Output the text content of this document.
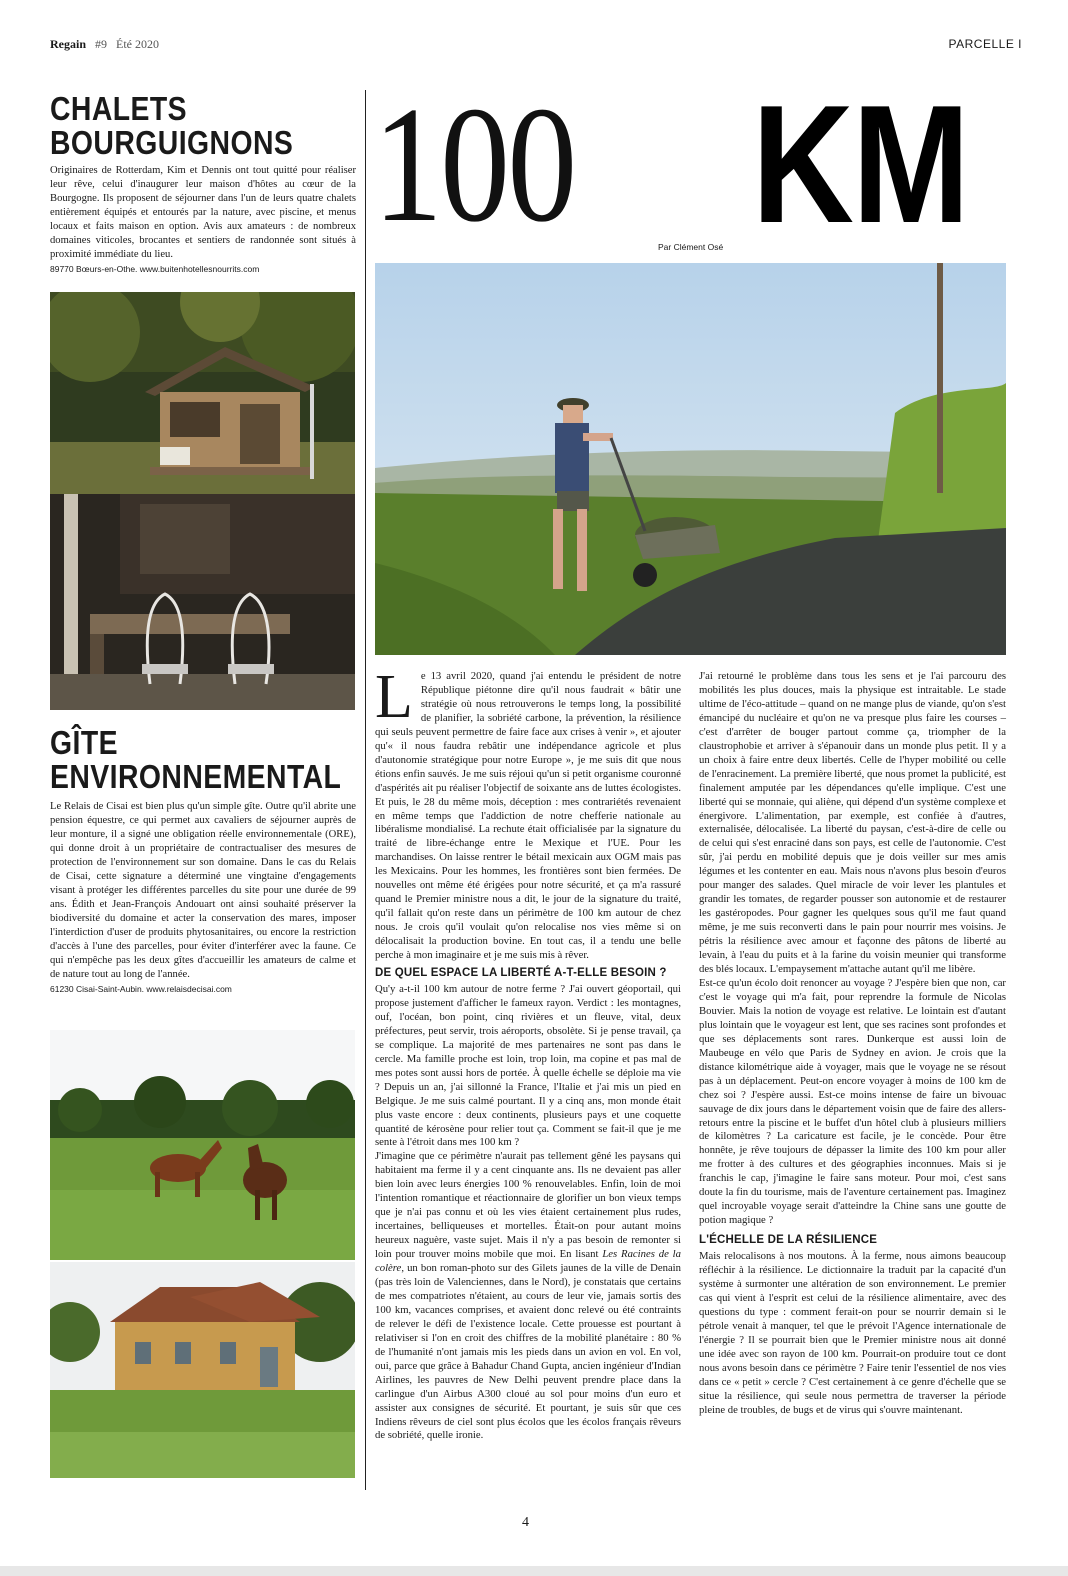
Regain #9 Été 2020	PARCELLE I
CHALETS
BOURGUIGNONS

Originaires de Rotterdam, Kim et Dennis ont tout quitté pour réaliser leur rêve, celui d'inaugurer leur maison d'hôtes au cœur de la Bourgogne. Ils proposent de séjourner dans l'un de leurs quatre chalets entièrement équipés et entourés par la nature, avec piscine, et menus locaux et faits maison en option. Avis aux amateurs : de nombreux domaines viticoles, brocantes et sentiers de randonnée sont situés à proximité immédiate du lieu.

89770 Bœurs-en-Othe. www.buitenhotellesnourrits.com
GÎTE
ENVIRONNEMENTAL

Le Relais de Cisai est bien plus qu'un simple gîte. Outre qu'il abrite une pension équestre, ce qui permet aux cavaliers de séjourner auprès de leur monture, il a signé une obligation réelle environnementale (ORE), qui donne droit à un propriétaire de contractualiser des mesures de protection de l'environnement sur son domaine. Dans le cas du Relais de Cisai, cette signature a déterminé une vingtaine d'engagements visant à protéger les différentes parcelles du site pour une durée de 99 ans. Édith et Jean-François Andouart ont ainsi souhaité préserver la biodiversité du domaine et acter la conservation des mares, imposer l'interdiction d'user de produits phytosanitaires, ou encore la restriction d'accès à l'une des parcelles, pour éviter d'interférer avec la faune. Ce qui n'empêche pas les deux gîtes d'accueillir les amateurs de calme et de nature tout au long de l'année.

61230 Cisai-Saint-Aubin. www.relaisdecisai.com
100 KM
Par Clément Osé

Le 13 avril 2020, quand j'ai entendu le président de notre République piétonne dire qu'il nous faudrait « bâtir une stratégie où nous retrouverons le temps long, la possibilité de planifier, la sobriété carbone, la prévention, la résilience qui seuls peuvent permettre de faire face aux crises à venir », et ajouter qu'« il nous faudra rebâtir une indépendance agricole et plus d'autonomie stratégique pour notre Europe », je me suis dit que nous étions enfin sauvés. Je me suis réjoui qu'un si petit organisme couronné d'aspérités ait pu réaliser l'objectif de soixante ans de luttes écologistes. Et puis, le 28 du même mois, déception : mes contrariétés revenaient en même temps que l'addiction de notre chefferie nationale au libéralisme mondialisé. La rechute était officialisée par la signature du traité de libre-échange entre le Mexique et l'UE. Pour les marchandises. On laisse rentrer le bétail mexicain aux OGM mais pas les Mexicains. Pour les hommes, les frontières sont bien fermées. De nouvelles ont même été érigées pour notre sécurité, et ça m'a rassuré quand le Premier ministre nous a dit, le jour de la signature du traité, qu'il fallait qu'on reste dans un périmètre de 100 km autour de chez nous. Je crois qu'il voulait qu'on relocalise nos vies même si on délocalisait la production bovine. En tout cas, il a tendu une belle perche à mon imaginaire et je me suis mis à rêver.

DE QUEL ESPACE LA LIBERTÉ A-T-ELLE BESOIN ?

Qu'y a-t-il 100 km autour de notre ferme ? J'ai ouvert géoportail, qui propose justement d'afficher le fameux rayon. Verdict : les montagnes, ouf, l'océan, bon point, cinq rivières et un fleuve, vital, deux préfectures, peut servir, trois aéroports, obsolète. Si je pense travail, ça se complique. La majorité de mes partenaires ne sont pas dans le cercle. Ma famille proche est loin, trop loin, ma copine et pas mal de mes potes sont aussi hors de portée. À quelle échelle se déploie ma vie ? Depuis un an, j'ai sillonné la France, l'Italie et j'ai mis un pied en Belgique. Je me suis calmé pourtant. Il y a cinq ans, mon monde était plus vaste encore : deux continents, plusieurs pays et une coquette quantité de kérosène pour relier tout ça. Comment se fait-il que je me sente à l'étroit dans mes 100 km ?

J'imagine que ce périmètre n'aurait pas tellement gêné les paysans qui habitaient ma ferme il y a cent cinquante ans. Ils ne devaient pas aller bien loin avec leurs énergies 100 % renouvelables. Enfin, loin de moi l'intention romantique et réactionnaire de glorifier un bon vieux temps que je n'ai pas connu et où les vies étaient certainement plus rudes, incertaines, belliqueuses et mortelles. Était-on pour autant moins heureux naguère, vaste sujet. Mais il n'y a pas besoin de remonter si loin pour trouver moins mobile que moi. En lisant Les Racines de la colère, un bon roman-photo sur des Gilets jaunes de la ville de Denain (pas très loin de Valenciennes, dans le Nord), je constatais que certains de mes compatriotes n'étaient, au cours de leur vie, jamais sortis des 100 km, vacances comprises, et avaient donc relevé ou été contraints de relever le défi de l'existence locale. Cette prouesse est pourtant à relativiser si l'on en croit des chiffres de la mobilité planétaire : 80 % de l'humanité n'ont jamais mis les pieds dans un avion en vol. En vol, oui, parce que grâce à Bahadur Chand Gupta, ancien ingénieur d'Indian Airlines, les pauvres de New Delhi peuvent prendre place dans la carlingue d'un Airbus A300 cloué au sol pour moins d'un euro et assister aux consignes de sécurité. Et pourtant, je suis sûr que ces Indiens rêveurs de ciel sont plus écolos que les écolos français rêveurs de sobriété, quelle ironie.

J'ai retourné le problème dans tous les sens et je l'ai parcouru des mobilités les plus douces, mais la physique est intraitable. Le stade ultime de l'éco-attitude – quand on ne mange plus de viande, qu'on s'est émancipé du nucléaire et qu'on ne va presque plus faire les courses – c'est d'arrêter de bouger partout comme ça, triompher de la claustrophobie et arriver à s'épanouir dans un monde plus petit. Il y a un choix à faire entre deux libertés. Celle de l'hyper mobilité ou celle de l'enracinement. La première liberté, que nous promet la publicité, est finalement amputée par les dépendances qu'elle implique. C'est une liberté qui se monnaie, qui aliène, qui dépend d'un système complexe et énergivore. L'alimentation, par exemple, est confiée à d'autres, externalisée, délocalisée. La liberté du paysan, c'est-à-dire de celle ou de celui qui s'est enraciné dans son pays, est celle de l'autonomie. C'est sûr, j'ai perdu en mobilité depuis que je dois veiller sur mes amis légumes et les contenter en eau. Mais nous n'avons plus besoin d'euros pour manger des salades. Quel miracle de voir lever les plantules et grandir les tomates, de regarder pousser son autonomie et de restaurer les gastéropodes. Pour gagner les quelques sous qu'il me faut quand même, je me suis reconverti dans le pain pour nourrir mes voisins. Je pétris la résilience avec amour et façonne des pâtons de liberté au levain, à l'eau du puits et à la farine du voisin meunier qui transforme des blés locaux. L'empaysement m'attache autant qu'il me libère.

Est-ce qu'un écolo doit renoncer au voyage ? J'espère bien que non, car c'est le voyage qui m'a fait, pour reprendre la formule de Nicolas Bouvier. Mais la notion de voyage est relative. Le lointain est d'autant plus lointain que le voyageur est lent, que ses racines sont profondes et que ses déplacements sont rares. Dunkerque est aussi loin de Maubeuge en vélo que Paris de Sydney en avion. Je crois que la distance kilométrique aide à voyager, mais que le voyage ne se résout pas à un déplacement. Peut-on encore voyager à moins de 100 km de chez soi ? J'espère aussi. Est-ce moins intense de faire un bivouac sauvage de dix jours dans le département voisin que de faire des allers-retours entre la piscine et le buffet d'un hôtel club à plusieurs milliers de kilomètres ? La caricature est facile, je le concède. Pour être honnête, je rêve toujours de dépasser la limite des 100 km pour aller me frotter à des cultures et des géographies inconnues. Mais si je franchis le cap, j'imagine le faire sans moteur. Pour moi, c'est sans doute la fin du tourisme, mais de l'aventure certainement pas. Imaginez quel incroyable voyage serait d'atteindre la Chine sans une goutte de potion magique ?

L'ÉCHELLE DE LA RÉSILIENCE

Mais relocalisons à nos moutons. À la ferme, nous aimons beaucoup réfléchir à la résilience. Le dictionnaire la traduit par la capacité d'un système à surmonter une altération de son environnement. Le premier cas qui vient à l'esprit est celui de la résilience alimentaire, avec des questions du type : comment ferait-on pour se nourrir demain si le pétrole venait à manquer, tel que le prévoit l'Agence internationale de l'énergie ? Il se pourrait bien que le Premier ministre nous ait donné une idée avec son rayon de 100 km. Pourrait-on produire tout ce dont nous avons besoin dans ce périmètre ? Faire tenir l'essentiel de nos vies dans ce « petit » cercle ? C'est certainement à ce genre d'échelle que se situe la résilience, qui seule nous permettra de traverser la période pleine de troubles, de bugs et de virus qui s'ouvre maintenant.

4
